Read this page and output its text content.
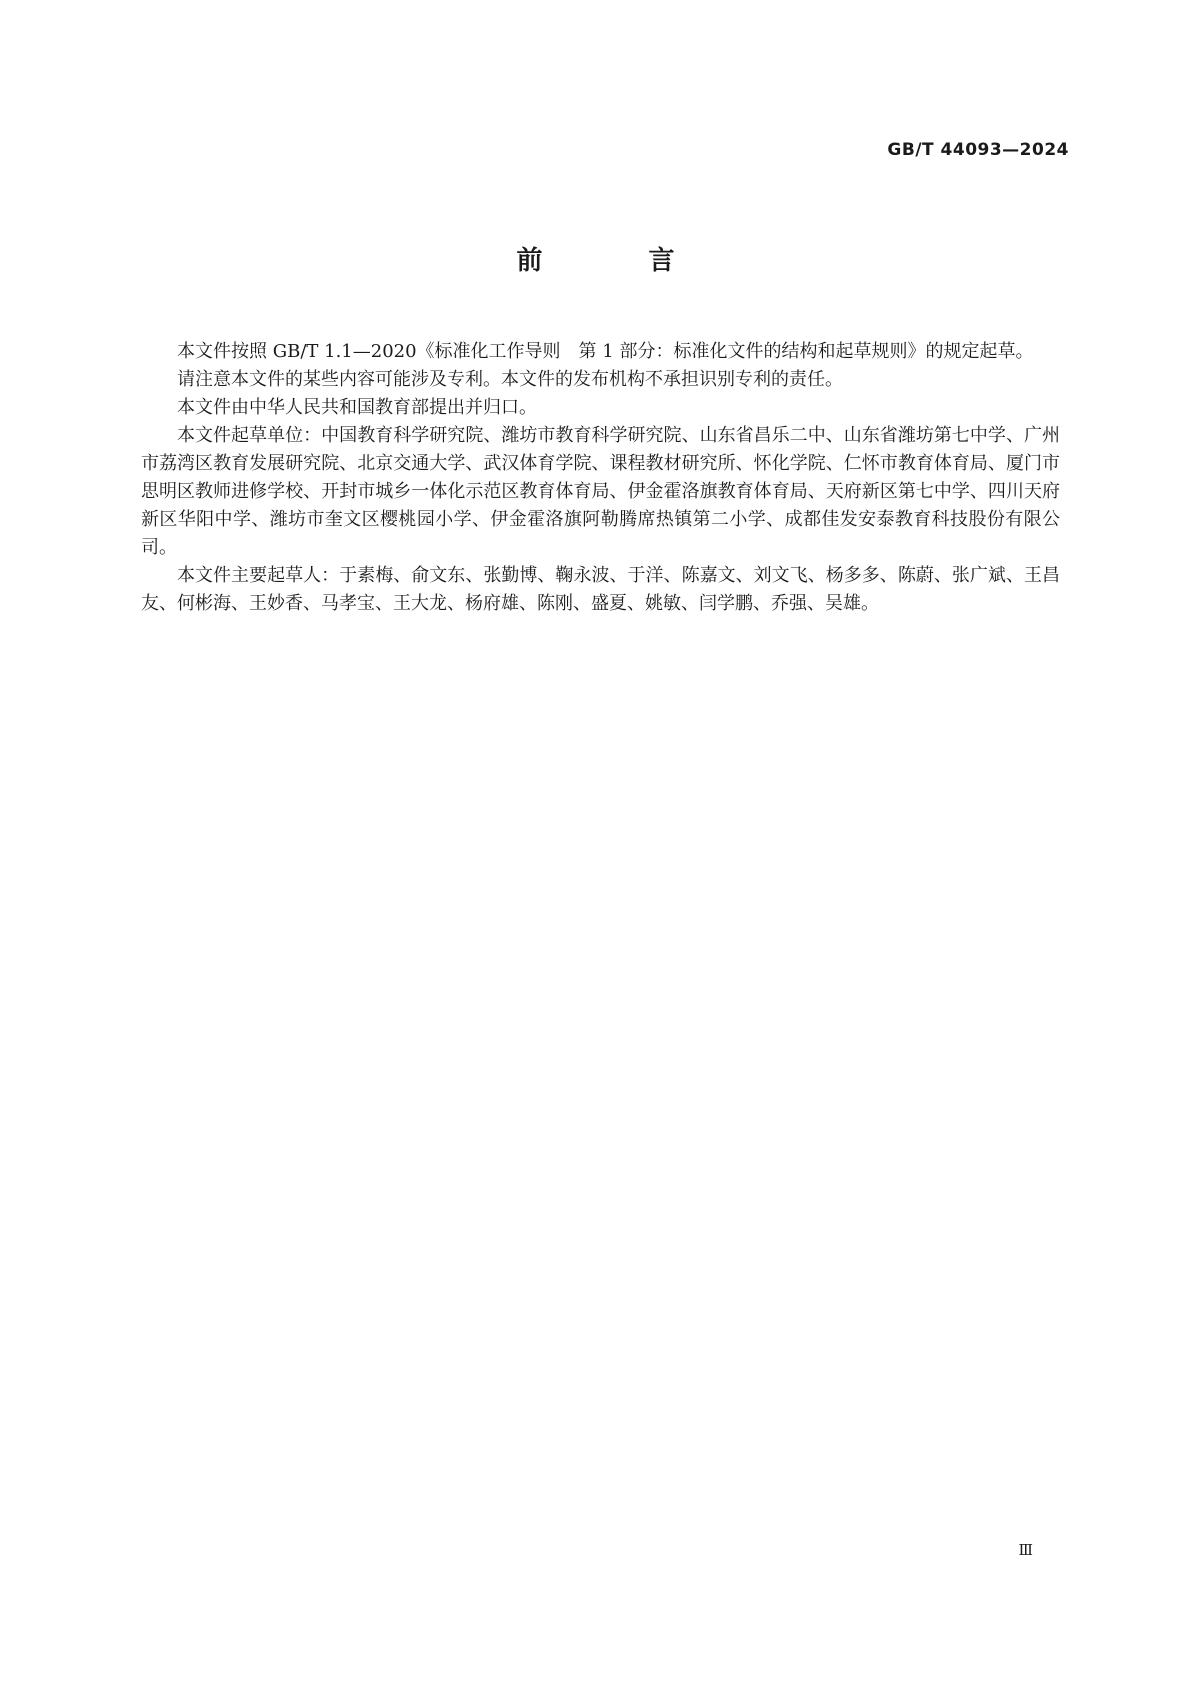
GB/T 44093—2024
前　言

本文件按照 GB/T 1.1—2020《标准化工作导则　第 1 部分：标准化文件的结构和起草规则》的规定起草。

请注意本文件的某些内容可能涉及专利。本文件的发布机构不承担识别专利的责任。

本文件由中华人民共和国教育部提出并归口。

本文件起草单位：中国教育科学研究院、潍坊市教育科学研究院、山东省昌乐二中、山东省潍坊第七中学、广州市荔湾区教育发展研究院、北京交通大学、武汉体育学院、课程教材研究所、怀化学院、仁怀市教育体育局、厦门市思明区教师进修学校、开封市城乡一体化示范区教育体育局、伊金霍洛旗教育体育局、天府新区第七中学、四川天府新区华阳中学、潍坊市奎文区樱桃园小学、伊金霍洛旗阿勒腾席热镇第二小学、成都佳发安泰教育科技股份有限公司。

本文件主要起草人：于素梅、俞文东、张勤博、鞠永波、于洋、陈嘉文、刘文飞、杨多多、陈蔚、张广斌、王昌友、何彬海、王妙香、马孝宝、王大龙、杨府雄、陈刚、盛夏、姚敏、闫学鹏、乔强、吴雄。

Ⅲ
